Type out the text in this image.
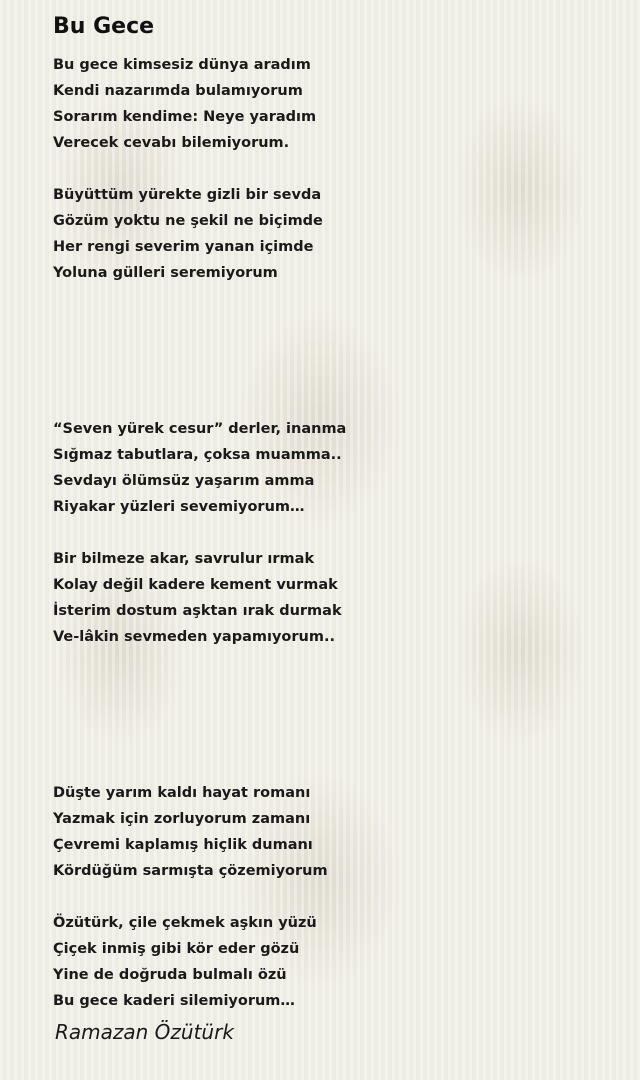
Bu Gece
Bu gece kimsesiz dünya aradım
Kendi nazarımda bulamıyorum
Sorarım kendime: Neye yaradım
Verecek cevabı bilemiyorum.
Büyüttüm yürekte gizli bir sevda
Gözüm yoktu ne şekil ne biçimde
Her rengi severim yanan içimde
Yoluna gülleri seremiyorum
“Seven yürek cesur” derler, inanma
Sığmaz tabutlara, çoksa muamma..
Sevdayı ölümsüz yaşarım amma
Riyakar yüzleri sevemiyorum…
Bir bilmeze akar, savrulur ırmak
Kolay değil kadere kement vurmak
İsterim dostum aşktan ırak durmak
Ve-lâkin sevmeden yapamıyorum..
Düşte yarım kaldı hayat romanı
Yazmak için zorluyorum zamanı
Çevremi kaplamış hiçlik dumanı
Kördüğüm sarmışta çözemiyorum
Özütürk, çile çekmek aşkın yüzü
Çiçek inmiş gibi kör eder gözü
Yine de doğruda bulmalı özü
Bu gece kaderi silemiyorum…
Ramazan Özütürk
